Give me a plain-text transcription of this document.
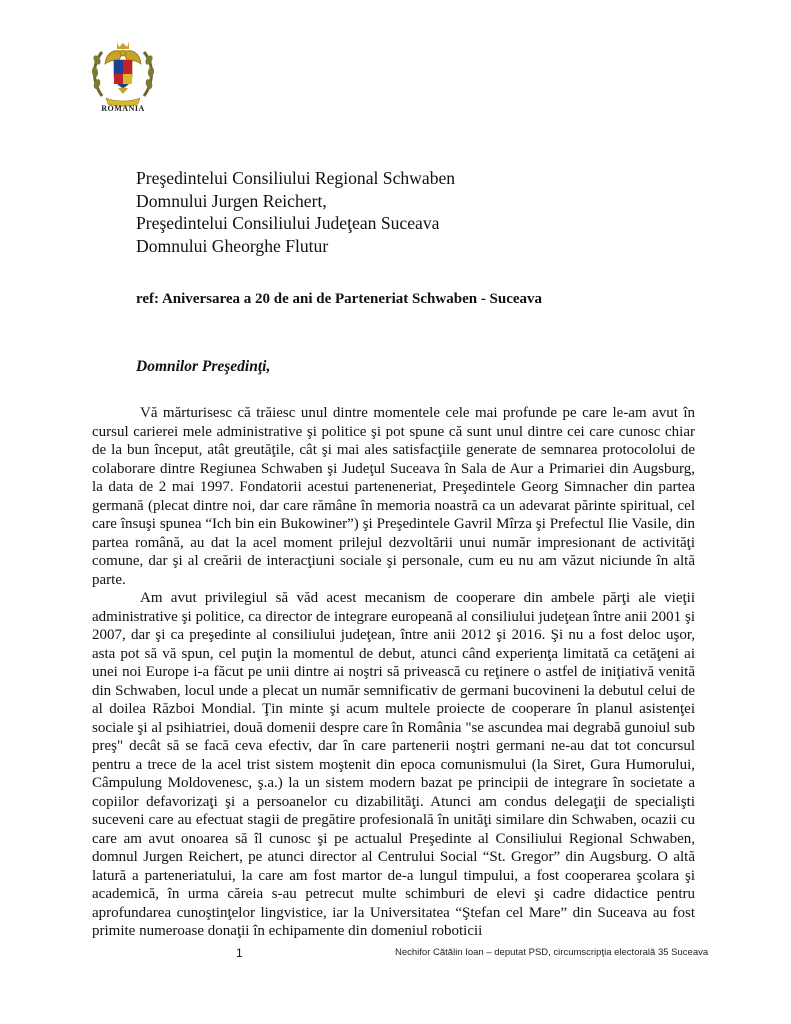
ROMANIA
Preşedintelui Consiliului Regional Schwaben
Domnului Jurgen Reichert,
Preşedintelui Consiliului Judeţean Suceava
Domnului Gheorghe Flutur
ref: Aniversarea a 20 de ani de Parteneriat Schwaben - Suceava
Domnilor Preşedinţi,

Vă mărturisesc că trăiesc unul dintre momentele cele mai profunde pe care le-am avut în cursul carierei mele administrative şi politice şi pot spune că sunt unul dintre cei care cunosc chiar de la bun început, atât greutăţile, cât şi mai ales satisfacţiile generate de semnarea protocololui de colaborare dintre Regiunea Schwaben şi Judeţul Suceava în Sala de Aur a Primariei din Augsburg, la data de 2 mai 1997. Fondatorii acestui parteneneriat, Preşedintele Georg Simnacher din partea germană (plecat dintre noi, dar care rămâne în memoria noastră ca un adevarat părinte spiritual, cel care însuşi spunea “Ich bin ein Bukowiner”) şi Preşedintele Gavril Mîrza şi Prefectul Ilie Vasile, din partea română, au dat la acel moment prilejul dezvoltării unui număr impresionant de activităţi comune, dar şi al creării de interacţiuni sociale şi personale, cum eu nu am văzut niciunde în altă parte.

Am avut privilegiul să văd acest mecanism de cooperare din ambele părţi ale vieţii administrative şi politice, ca director de integrare europeană al consiliului judeţean între anii 2001 şi 2007, dar şi ca preşedinte al consiliului judeţean, între anii 2012 şi 2016. Şi nu a fost deloc uşor, asta pot să vă spun, cel puţin la momentul de debut, atunci când experienţa limitată ca cetăţeni ai unei noi Europe i-a făcut pe unii dintre ai noştri să privească cu reţinere o astfel de iniţiativă venită din Schwaben, locul unde a plecat un număr semnificativ de germani bucovineni la debutul celui de al doilea Război Mondial. Ţin minte şi acum multele proiecte de cooperare în planul asistenţei sociale şi al psihiatriei, două domenii despre care în România "se ascundea mai degrabă gunoiul sub preş" decât să se facă ceva efectiv, dar în care partenerii noştri germani ne-au dat tot concursul pentru a trece de la acel trist sistem moştenit din epoca comunismului (la Siret, Gura Humorului, Câmpulung Moldovenesc, ş.a.) la un sistem modern bazat pe principii de integrare în societate a copiilor defavorizaţi şi a persoanelor cu dizabilităţi. Atunci am condus delegaţii de specialişti suceveni care au efectuat stagii de pregătire profesională în unităţi similare din Schwaben, ocazii cu care am avut onoarea să îl cunosc şi pe actualul Preşedinte al Consiliului Regional Schwaben, domnul Jurgen Reichert, pe atunci director al Centrului Social “St. Gregor” din Augsburg. O altă latură a parteneriatului, la care am fost martor de-a lungul timpului, a fost cooperarea şcolara şi academică, în urma căreia s-au petrecut multe schimburi de elevi şi cadre didactice pentru aprofundarea cunoştinţelor lingvistice, iar la Universitatea “Ştefan cel Mare” din Suceava au fost primite numeroase donaţii în echipamente din domeniul roboticii

1	Nechifor Cătălin Ioan – deputat PSD, circumscripţia electorală 35 Suceava
